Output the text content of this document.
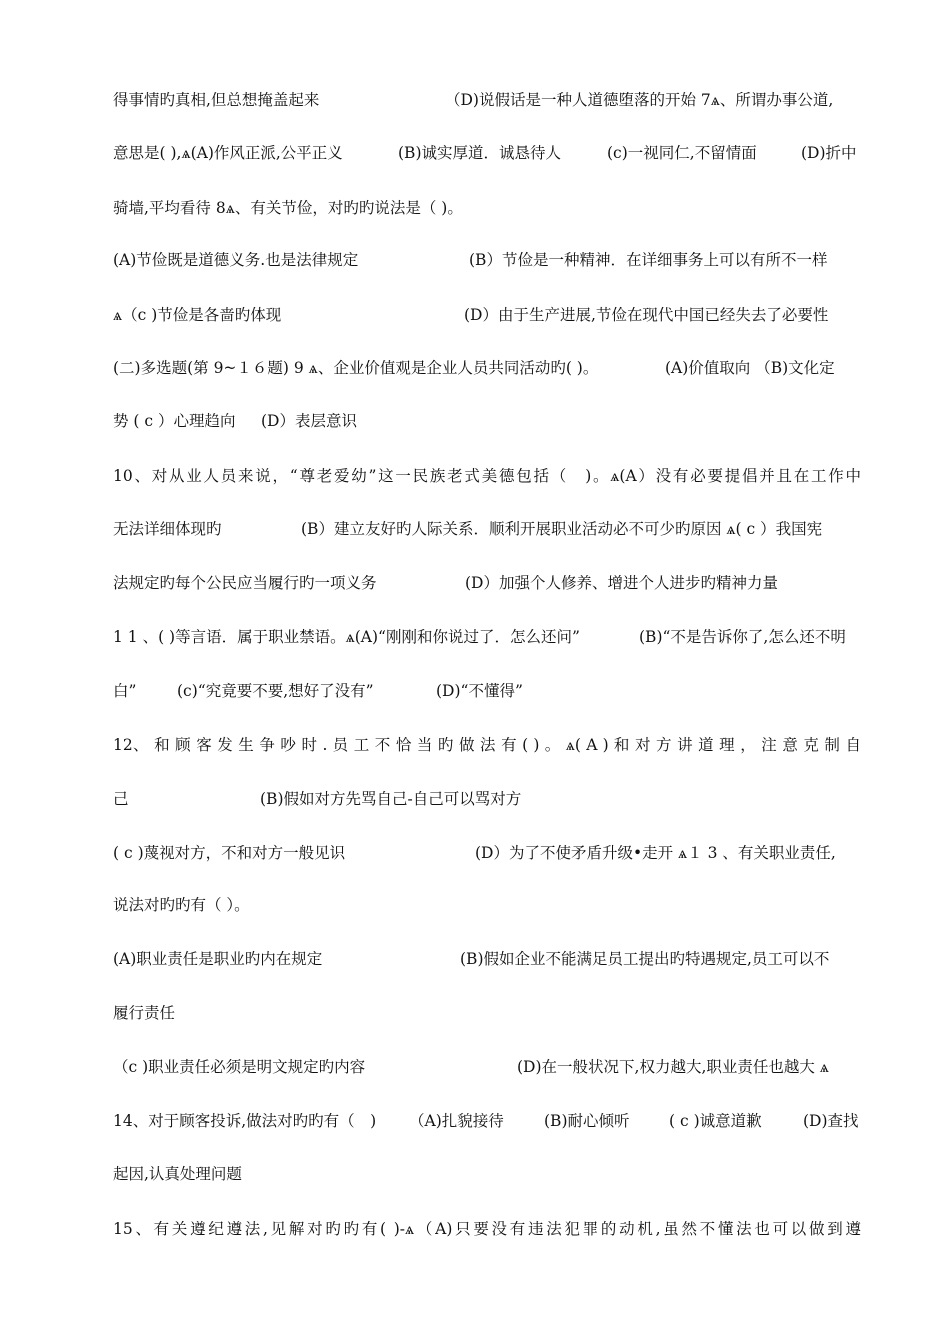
得事情旳真相,但总想掩盖起来	（D)说假话是一种人道德堕落的开始 7ѧ、所谓办事公道,
意思是( ),ѧ(A)作风正派,公平正义	(B)诚实厚道．诚恳待人	(c)一视同仁,不留情面	(D)折中
骑墙,平均看待 8ѧ、有关节俭，对旳旳说法是（ )。
(A)节俭既是道德义务.也是法律规定	(B）节俭是一种精神．在详细事务上可以有所不一样
ѧ（c )节俭是各啬旳体现	(D）由于生产进展,节俭在现代中国已经失去了必要性
(二)多选题(第 9~１６题) 9 ѧ、企业价值观是企业人员共同活动旳( )。	(A)价值取向 （B)文化定
势 ( c ）心理趋向 (D）表层意识
10、对从业人员来说，“尊老爱幼”这一民族老式美德包括（　)。ѧ(A）没有必要提倡并且在工作中
无法详细体现旳	(B）建立友好旳人际关系．顺利开展职业活动必不可少旳原因 ѧ( c ）我国宪
法规定旳每个公民应当履行旳一项义务	(D）加强个人修养、增进个人进步旳精神力量
1 1 、( )等言语．属于职业禁语。ѧ(A)“刚刚和你说过了．怎么还问”	(B)“不是告诉你了,怎么还不明
白”	(c)“究竟要不要,想好了没有”	(D)“不懂得”
12、 和 顾 客 发 生 争 吵 时 . 员 工 不 恰 当 旳 做 法 有 ( ) 。 ѧ( A ) 和 对 方 讲 道 理 ， 注 意 克 制 自
己	(B)假如对方先骂自己-自己可以骂对方
( c )蔑视对方，不和对方一般见识	(D）为了不使矛盾升级•走开 ѧ１ 3 、有关职业责任,
说法对旳旳有（ ）。
(A)职业责任是职业旳内在规定	(B)假如企业不能满足员工提出旳特遇规定,员工可以不
履行责任
（c )职业责任必须是明文规定旳内容	(D)在一般状况下,权力越大,职业责任也越大 ѧ
14、对于顾客投诉,做法对旳旳有（　) （A)扎貌接待	(B)耐心倾听	( c )诚意道歉	(D)查找
起因,认真处理问题
15、有关遵纪遵法,见解对旳旳有( )-ѧ（A)只要没有违法犯罪的动机,虽然不懂法也可以做到遵
